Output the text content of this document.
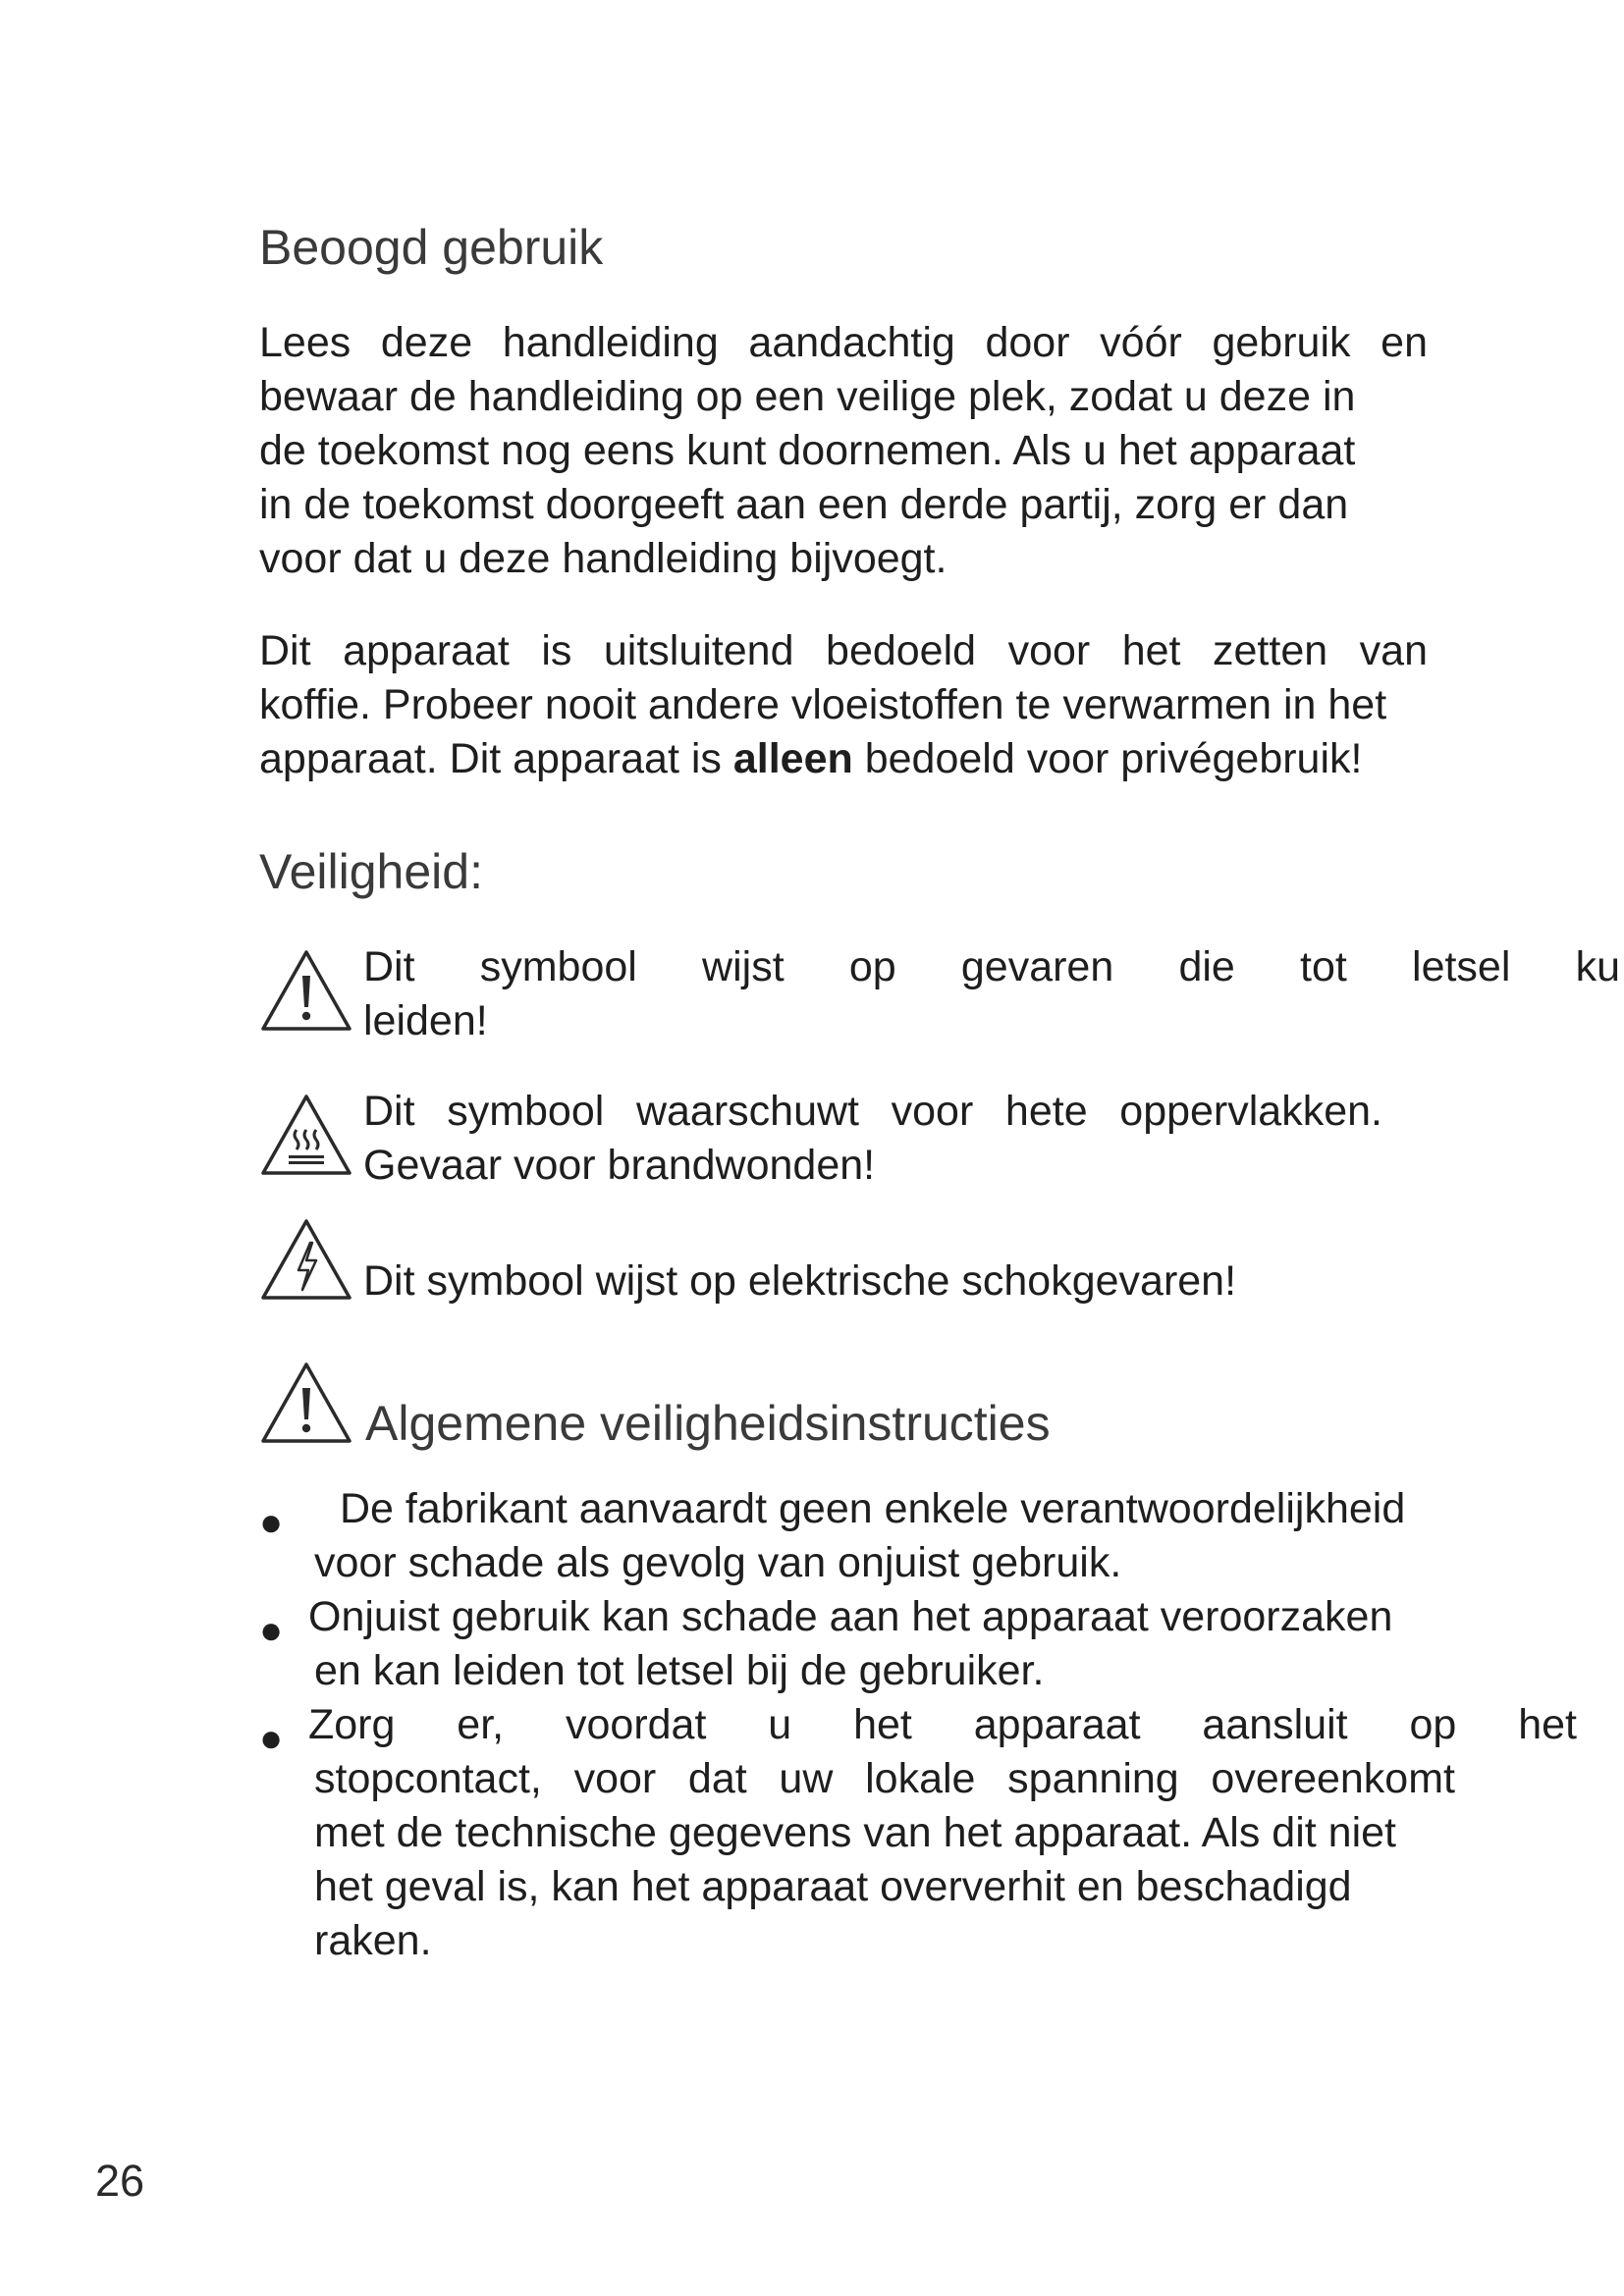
Beoogd gebruik
Lees deze handleiding aandachtig door vóór gebruik en
bewaar de handleiding op een veilige plek, zodat u deze in
de toekomst nog eens kunt doornemen. Als u het apparaat
in de toekomst doorgeeft aan een derde partij, zorg er dan
voor dat u deze handleiding bijvoegt.
Dit apparaat is uitsluitend bedoeld voor het zetten van
koffie. Probeer nooit andere vloeistoffen te verwarmen in het
apparaat. Dit apparaat is alleen bedoeld voor privégebruik!
Veiligheid:
Dit symbool wijst op gevaren die tot letsel ku
leiden!
Dit symbool waarschuwt voor hete oppervlakken.
Gevaar voor brandwonden!
Dit symbool wijst op elektrische schokgevaren!
Algemene veiligheidsinstructies
●	De fabrikant aanvaardt geen enkele verantwoordelijkheid
voor schade als gevolg van onjuist gebruik.
● Onjuist gebruik kan schade aan het apparaat veroorzaken
en kan leiden tot letsel bij de gebruiker.
● Zorg er, voordat u het apparaat aansluit op het
stopcontact, voor dat uw lokale spanning overeenkomt
met de technische gegevens van het apparaat. Als dit niet
het geval is, kan het apparaat oververhit en beschadigd
raken.
26
